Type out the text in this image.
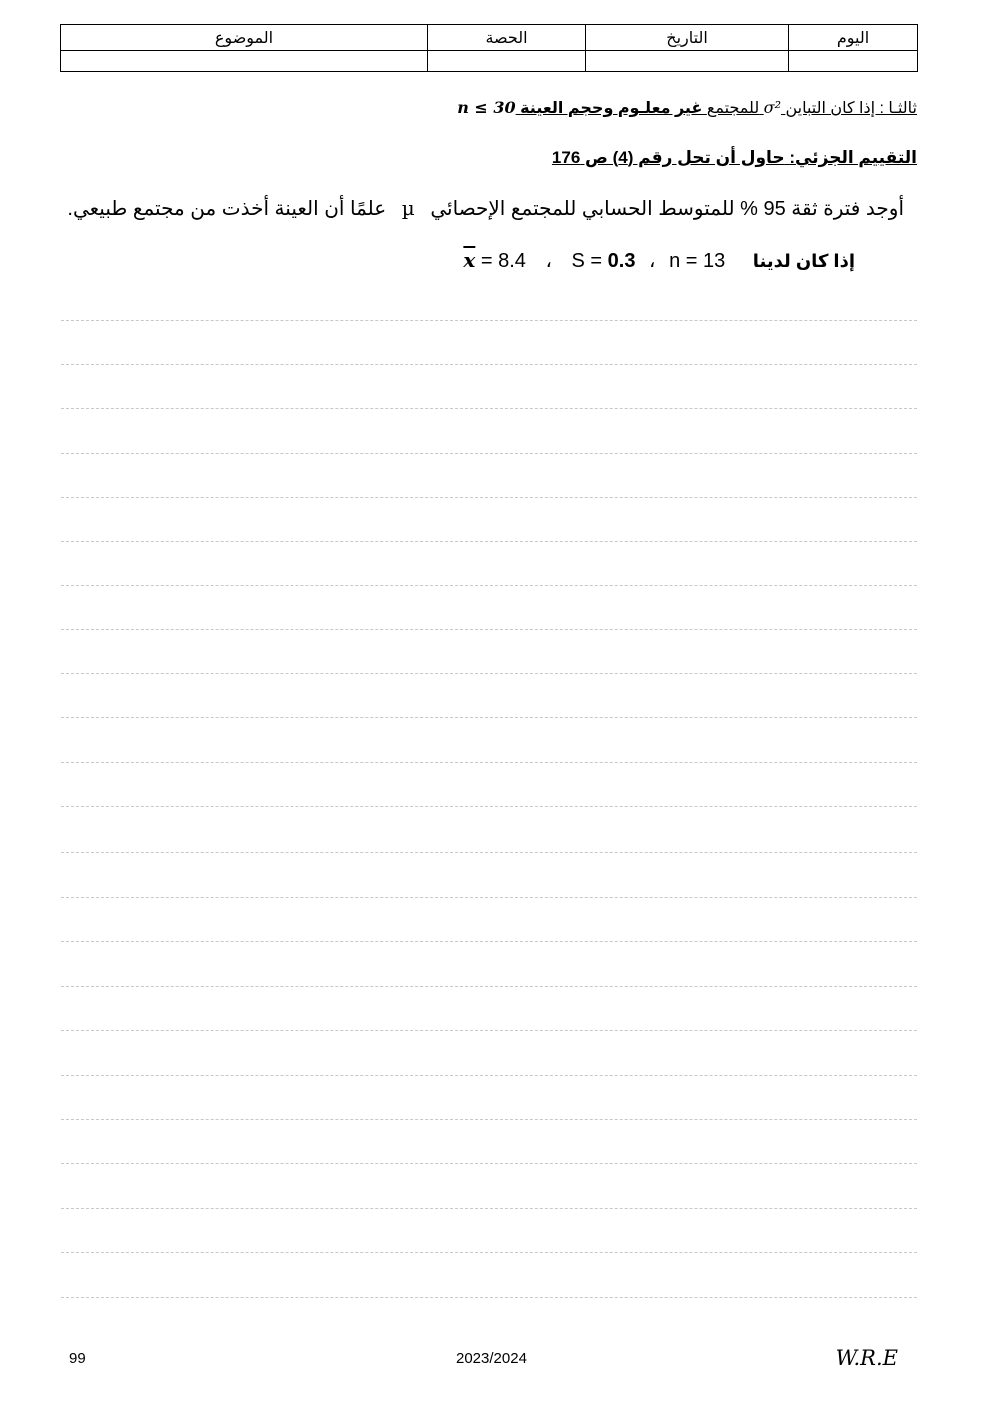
اليوم	التاريخ	الحصة	الموضوع

ثالثـا : إذا كان التباين σ² للمجتمع غير معلـوم وحجم العينة n ≤ 30
التقييم الجزئي: حاول أن تحل رقم (4) ص 176
أوجد فترة ثقة 95 % للمتوسط الحسابي للمجتمع الإحصائي µ علمًا أن العينة أخذت من مجتمع طبيعي.
إذا كان لدينا $\overline{x} = 8.4$ ، S = 0.3 ، n = 13
99	2023/2024	W.R.E
